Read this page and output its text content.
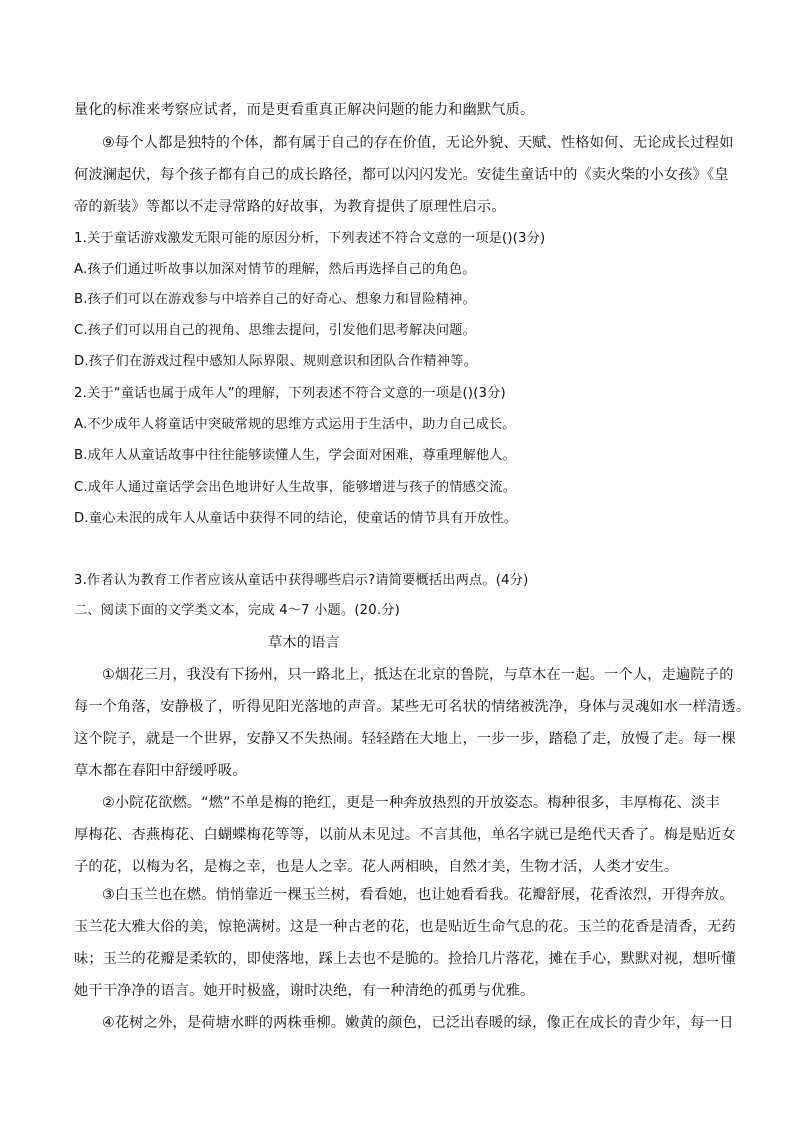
量化的标准来考察应试者，而是更看重真正解决问题的能力和幽默气质。
⑨每个人都是独特的个体，都有属于自己的存在价值，无论外貌、天赋、性格如何、无论成长过程如
何波澜起伏，每个孩子都有自己的成长路径，都可以闪闪发光。安徒生童话中的《卖火柴的小女孩》《皇
帝的新装》等都以不走寻常路的好故事，为教育提供了原理性启示。
1.关于童话游戏激发无限可能的原因分析，下列表述不符合文意的一项是()(3分)
A.孩子们通过听故事以加深对情节的理解，然后再选择自己的角色。
B.孩子们可以在游戏参与中培养自己的好奇心、想象力和冒险精神。
C.孩子们可以用自己的视角、思维去提问，引发他们思考解决问题。
D.孩子们在游戏过程中感知人际界限、规则意识和团队合作精神等。
2.关于“童话也属于成年人”的理解，下列表述不符合文意的一项是()(3分)
A.不少成年人将童话中突破常规的思维方式运用于生活中，助力自己成长。
B.成年人从童话故事中往往能够读懂人生，学会面对困难，尊重理解他人。
C.成年人通过童话学会出色地讲好人生故事，能够增进与孩子的情感交流。
D.童心未泯的成年人从童话中获得不同的结论，使童话的情节具有开放性。
3.作者认为教育工作者应该从童话中获得哪些启示?请简要概括出两点。(4分)
二、阅读下面的文学类文本，完成 4～7 小题。(20.分)
草木的语言
①烟花三月，我没有下扬州，只一路北上，抵达在北京的鲁院，与草木在一起。一个人，走遍院子的
每一个角落，安静极了，听得见阳光落地的声音。某些无可名状的情绪被洗净，身体与灵魂如水一样清透。
这个院子，就是一个世界，安静又不失热闹。轻轻踏在大地上，一步一步，踏稳了走，放慢了走。每一棵
草木都在春阳中舒缓呼吸。
②小院花欲燃。“燃”不单是梅的艳红，更是一种奔放热烈的开放姿态。梅种很多，丰厚梅花、淡丰
厚梅花、杏燕梅花、白蝴蝶梅花等等，以前从未见过。不言其他，单名字就已是绝代天香了。梅是贴近女
子的花，以梅为名，是梅之幸，也是人之幸。花人两相映，自然才美，生物才活，人类才安生。
③白玉兰也在燃。悄悄靠近一棵玉兰树，看看她，也让她看看我。花瓣舒展，花香浓烈，开得奔放。
玉兰花大雅大俗的美，惊艳满树。这是一种古老的花，也是贴近生命气息的花。玉兰的花香是清香，无药
味；玉兰的花瓣是柔软的，即使落地，踩上去也不是脆的。捡拾几片落花，摊在手心，默默对视，想听懂
她干干净净的语言。她开时极盛，谢时决绝，有一种清绝的孤勇与优雅。
④花树之外，是荷塘水畔的两株垂柳。嫩黄的颜色，已泛出春暖的绿，像正在成长的青少年，每一日
